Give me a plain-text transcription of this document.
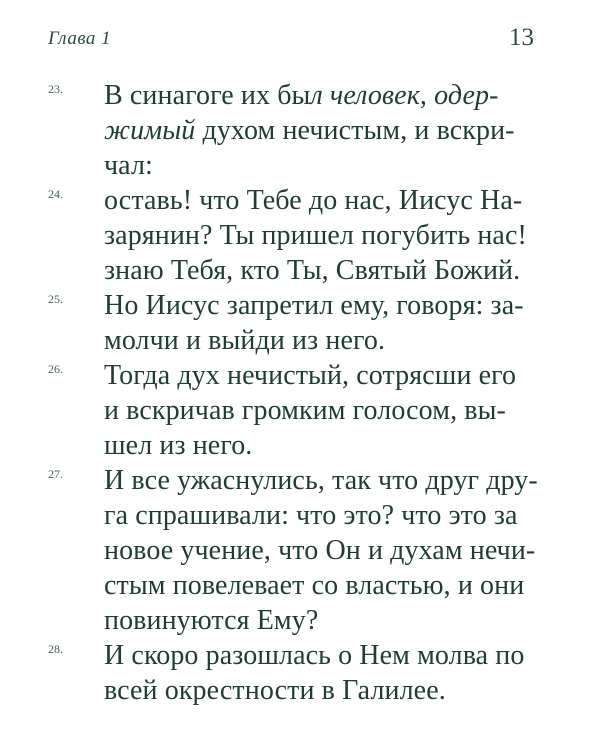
Глава 1	13
23. В синагоге их был человек, одер-
жимый духом нечистым, и вскри-
чал:
24. оставь! что Тебе до нас, Иисус На-
зарянин? Ты пришел погубить нас!
знаю Тебя, кто Ты, Святый Божий.
25. Но Иисус запретил ему, говоря: за-
молчи и выйди из него.
26. Тогда дух нечистый, сотрясши его
и вскричав громким голосом, вы-
шел из него.
27. И все ужаснулись, так что друг дру-
га спрашивали: что это? что это за
новое учение, что Он и духам нечи-
стым повелевает со властью, и они
повинуются Ему?
28. И скоро разошлась о Нем молва по
всей окрестности в Галилее.
